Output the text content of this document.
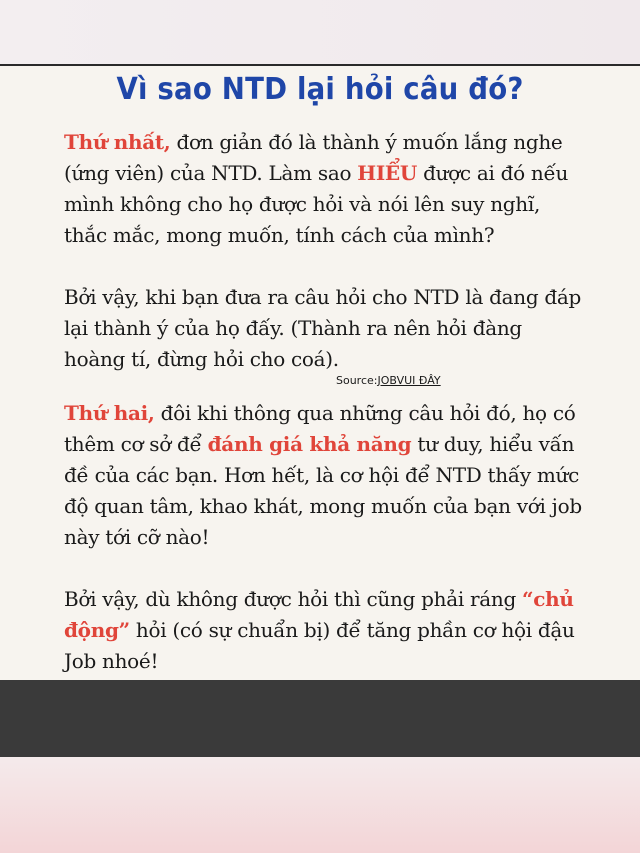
Vì sao NTD lại hỏi câu đó?
Thứ nhất, đơn giản đó là thành ý muốn lắng nghe (ứng viên) của NTD. Làm sao HIỂU được ai đó nếu mình không cho họ được hỏi và nói lên suy nghĩ, thắc mắc, mong muốn, tính cách của mình?
Bởi vậy, khi bạn đưa ra câu hỏi cho NTD là đang đáp lại thành ý của họ đấy. (Thành ra nên hỏi đàng hoàng tí, đừng hỏi cho coá).
Source:JOBVUI ĐÂY
Thứ hai, đôi khi thông qua những câu hỏi đó, họ có thêm cơ sở để đánh giá khả năng tư duy, hiểu vấn đề của các bạn. Hơn hết, là cơ hội để NTD thấy mức độ quan tâm, khao khát, mong muốn của bạn với job này tới cỡ nào!
Bởi vậy, dù không được hỏi thì cũng phải ráng “chủ động” hỏi (có sự chuẩn bị) để tăng phần cơ hội đậu Job nhoé!
